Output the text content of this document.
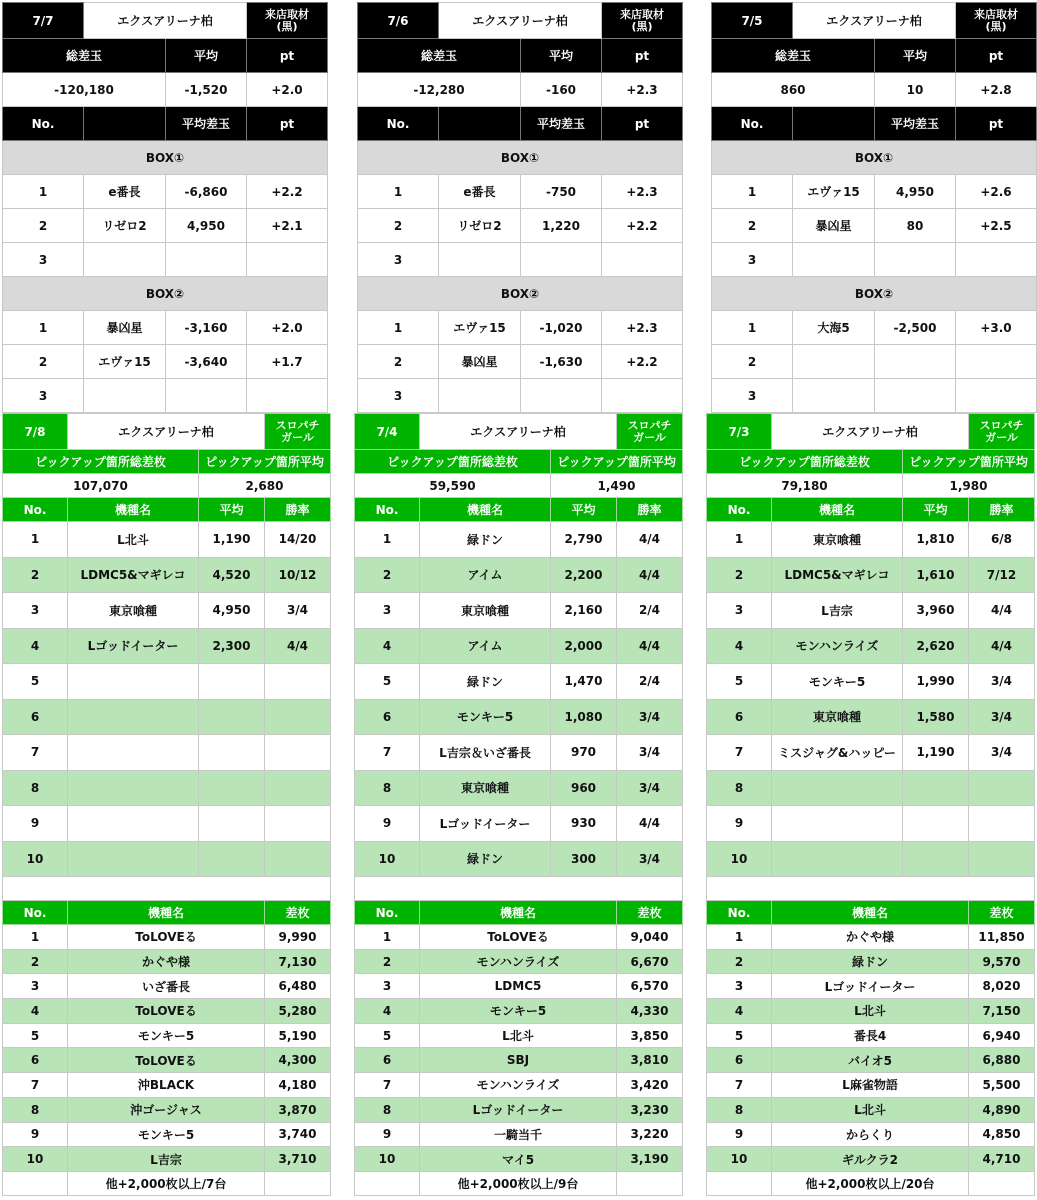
7/7	エクスアリーナ柏		来店取材
(黒)
総差玉		平均	pt
-120,180		-1,520	+2.0
No.		平均差玉	pt
BOX①			
1	e番長	-6,860	+2.2
2	リゼロ2	4,950	+2.1
3			
BOX②			
1	暴凶星	-3,160	+2.0
2	エヴァ15	-3,640	+1.7
3			
7/6	エクスアリーナ柏		来店取材
(黒)
総差玉		平均	pt
-12,280		-160	+2.3
No.		平均差玉	pt
BOX①			
1	e番長	-750	+2.3
2	リゼロ2	1,220	+2.2
3			
BOX②			
1	エヴァ15	-1,020	+2.3
2	暴凶星	-1,630	+2.2
3			
7/5	エクスアリーナ柏		来店取材
(黒)
総差玉		平均	pt
860		10	+2.8
No.		平均差玉	pt
BOX①			
1	エヴァ15	4,950	+2.6
2	暴凶星	80	+2.5
3			
BOX②			
1	大海5	-2,500	+3.0
2			
3			
7/8	エクスアリーナ柏		スロパチ
ガール
ピックアップ箇所総差枚		ピックアップ箇所平均	
107,070		2,680	
No.	機種名	平均	勝率
1	L北斗	1,190	14/20
2	LDMC5&マギレコ	4,520	10/12
3	東京喰種	4,950	3/4
4	Lゴッドイーター	2,300	4/4
5			
6			
7			
8			
9			
10			

No.	機種名		差枚
1	ToLOVEる		9,990
2	かぐや様		7,130
3	いざ番長		6,480
4	ToLOVEる		5,280
5	モンキー5		5,190
6	ToLOVEる		4,300
7	沖BLACK		4,180
8	沖ゴージャス		3,870
9	モンキー5		3,740
10	L吉宗		3,710
	他+2,000枚以上/7台		
7/4	エクスアリーナ柏		スロパチ
ガール
ピックアップ箇所総差枚		ピックアップ箇所平均	
59,590		1,490	
No.	機種名	平均	勝率
1	緑ドン	2,790	4/4
2	アイム	2,200	4/4
3	東京喰種	2,160	2/4
4	アイム	2,000	4/4
5	緑ドン	1,470	2/4
6	モンキー5	1,080	3/4
7	L吉宗＆いざ番長	970	3/4
8	東京喰種	960	3/4
9	Lゴッドイーター	930	4/4
10	緑ドン	300	3/4

No.	機種名		差枚
1	ToLOVEる		9,040
2	モンハンライズ		6,670
3	LDMC5		6,570
4	モンキー5		4,330
5	L北斗		3,850
6	SBJ		3,810
7	モンハンライズ		3,420
8	Lゴッドイーター		3,230
9	一騎当千		3,220
10	マイ5		3,190
	他+2,000枚以上/9台		
7/3	エクスアリーナ柏		スロパチ
ガール
ピックアップ箇所総差枚		ピックアップ箇所平均	
79,180		1,980	
No.	機種名	平均	勝率
1	東京喰種	1,810	6/8
2	LDMC5&マギレコ	1,610	7/12
3	L吉宗	3,960	4/4
4	モンハンライズ	2,620	4/4
5	モンキー5	1,990	3/4
6	東京喰種	1,580	3/4
7	ミスジャグ&ハッピー	1,190	3/4
8			
9			
10			

No.	機種名		差枚
1	かぐや様		11,850
2	緑ドン		9,570
3	Lゴッドイーター		8,020
4	L北斗		7,150
5	番長4		6,940
6	バイオ5		6,880
7	L麻雀物語		5,500
8	L北斗		4,890
9	からくり		4,850
10	ギルクラ2		4,710
	他+2,000枚以上/20台		
